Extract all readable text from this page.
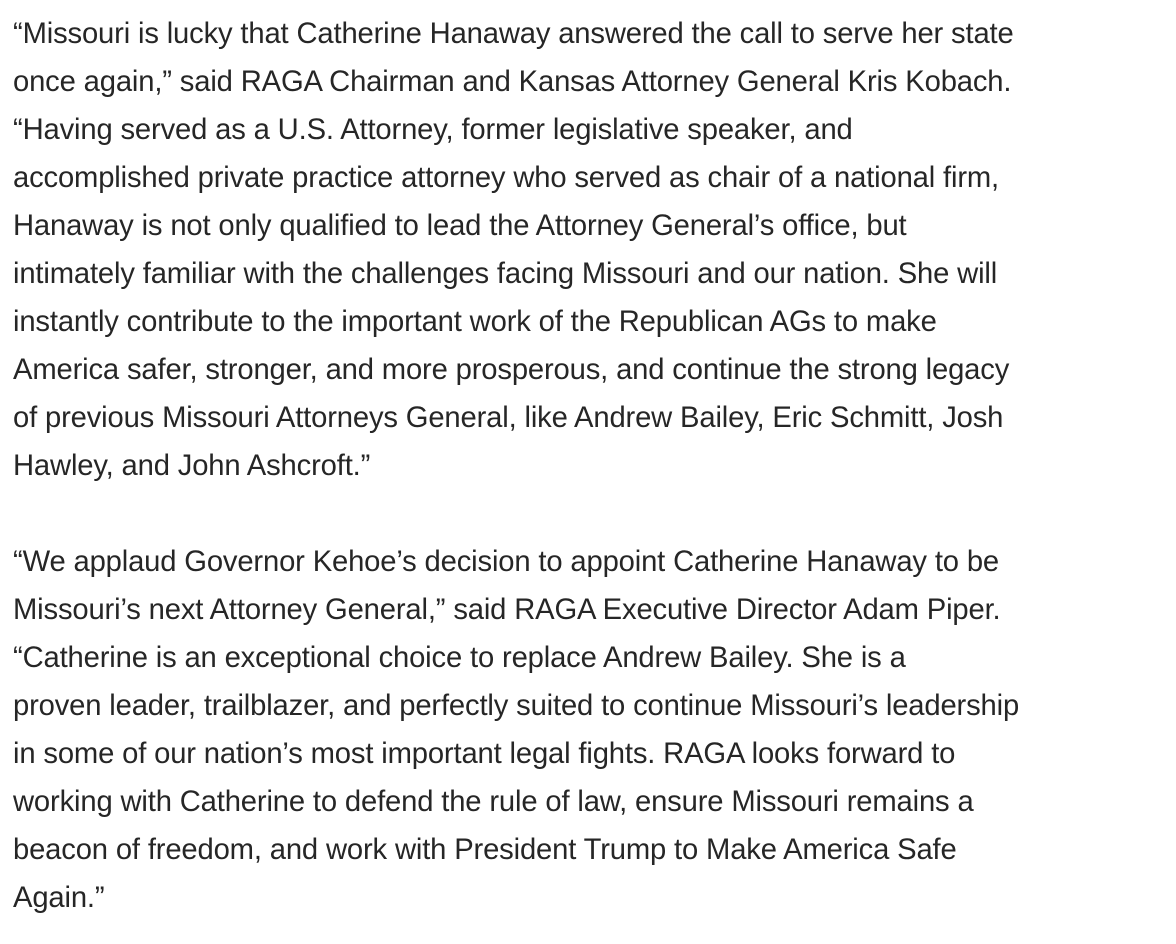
“Missouri is lucky that Catherine Hanaway answered the call to serve her state
once again,” said RAGA Chairman and Kansas Attorney General Kris Kobach.
“Having served as a U.S. Attorney, former legislative speaker, and
accomplished private practice attorney who served as chair of a national firm,
Hanaway is not only qualified to lead the Attorney General’s office, but
intimately familiar with the challenges facing Missouri and our nation. She will
instantly contribute to the important work of the Republican AGs to make
America safer, stronger, and more prosperous, and continue the strong legacy
of previous Missouri Attorneys General, like Andrew Bailey, Eric Schmitt, Josh
Hawley, and John Ashcroft.”

“We applaud Governor Kehoe’s decision to appoint Catherine Hanaway to be
Missouri’s next Attorney General,” said RAGA Executive Director Adam Piper.
“Catherine is an exceptional choice to replace Andrew Bailey. She is a
proven leader, trailblazer, and perfectly suited to continue Missouri’s leadership
in some of our nation’s most important legal fights. RAGA looks forward to
working with Catherine to defend the rule of law, ensure Missouri remains a
beacon of freedom, and work with President Trump to Make America Safe
Again.”
